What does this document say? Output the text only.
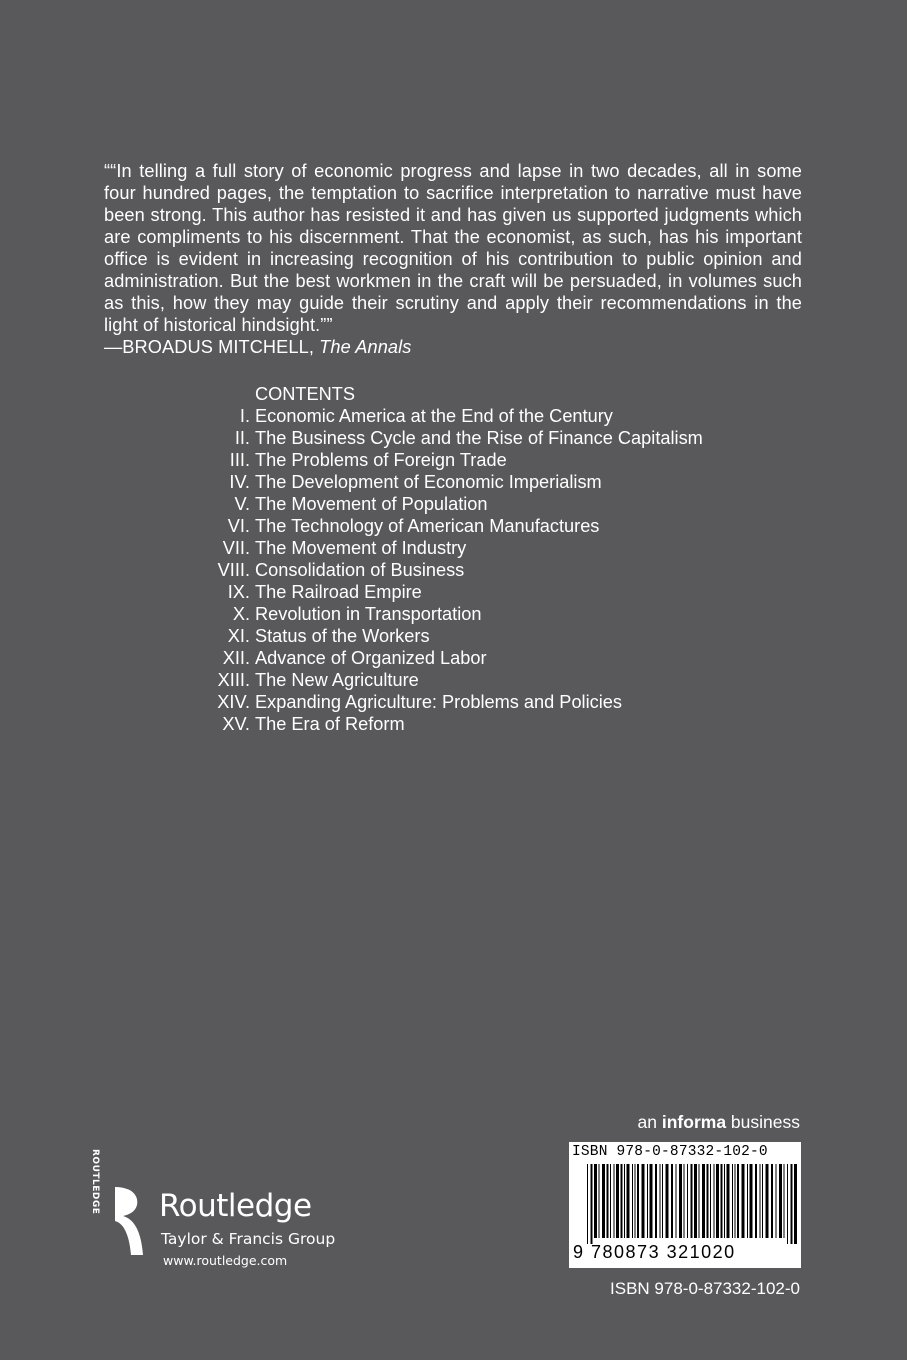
““In telling a full story of economic progress and lapse in two decades, all in some four hundred pages, the temptation to sacrifice interpretation to narrative must have been strong. This author has resisted it and has given us supported judgments which are compliments to his discernment. That the economist, as such, has his important office is evident in increasing recognition of his contribution to public opinion and administration. But the best workmen in the craft will be persuaded, in volumes such as this, how they may guide their scrutiny and apply their recommendations in the light of historical hindsight.””

—BROADUS MITCHELL, The Annals

CONTENTS
I. Economic America at the End of the Century
II. The Business Cycle and the Rise of Finance Capitalism
III. The Problems of Foreign Trade
IV. The Development of Economic Imperialism
V. The Movement of Population
VI. The Technology of American Manufactures
VII. The Movement of Industry
VIII. Consolidation of Business
IX. The Railroad Empire
X. Revolution in Transportation
XI. Status of the Workers
XII. Advance of Organized Labor
XIII. The New Agriculture
XIV. Expanding Agriculture: Problems and Policies
XV. The Era of Reform
an informa business
ISBN 978-0-87332-102-0
9 780873 321020
ISBN 978-0-87332-102-0
ROUTLEDGE Routledge
Taylor & Francis Group
www.routledge.com
